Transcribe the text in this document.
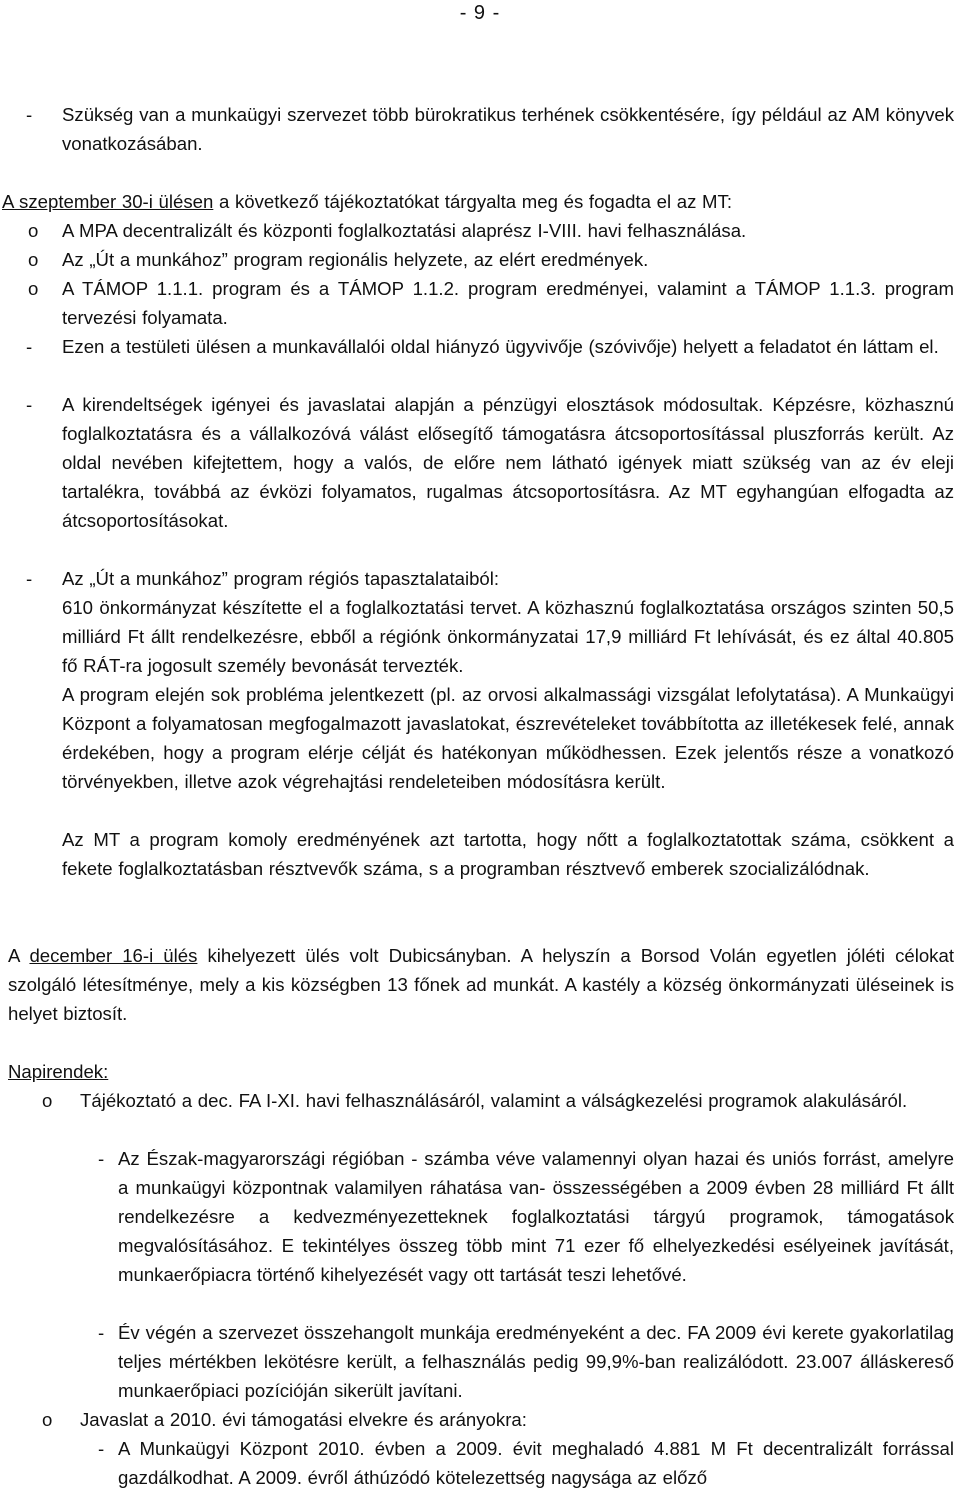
- 9 -
- Szükség van a munkaügyi szervezet több bürokratikus terhének csökkentésére, így például az AM könyvek vonatkozásában.
A szeptember 30-i ülésen a következő tájékoztatókat tárgyalta meg és fogadta el az MT:
o A MPA decentralizált és központi foglalkoztatási alaprész I-VIII. havi felhasználása.
o Az „Út a munkához” program regionális helyzete, az elért eredmények.
o A TÁMOP 1.1.1. program és a TÁMOP 1.1.2. program eredményei, valamint a TÁMOP 1.1.3. program tervezési folyamata.
- Ezen a testületi ülésen a munkavállalói oldal hiányzó ügyvivője (szóvivője) helyett a feladatot én láttam el.
- A kirendeltségek igényei és javaslatai alapján a pénzügyi elosztások módosultak. Képzésre, közhasznú foglalkoztatásra és a vállalkozóvá válást elősegítő támogatásra átcsoportosítással pluszforrás került. Az oldal nevében kifejtettem, hogy a valós, de előre nem látható igények miatt szükség van az év eleji tartalékra, továbbá az évközi folyamatos, rugalmas átcsoportosításra. Az MT egyhangúan elfogadta az átcsoportosításokat.
- Az „Út a munkához” program régiós tapasztalataiból:
610 önkormányzat készítette el a foglalkoztatási tervet. A közhasznú foglalkoztatása országos szinten 50,5 milliárd Ft állt rendelkezésre, ebből a régiónk önkormányzatai 17,9 milliárd Ft lehívását, és ez által 40.805 fő RÁT-ra jogosult személy bevonását tervezték.
A program elején sok probléma jelentkezett (pl. az orvosi alkalmassági vizsgálat lefolytatása). A Munkaügyi Központ a folyamatosan megfogalmazott javaslatokat, észrevételeket továbbította az illetékesek felé, annak érdekében, hogy a program elérje célját és hatékonyan működhessen. Ezek jelentős része a vonatkozó törvényekben, illetve azok végrehajtási rendeleteiben módosításra került.
Az MT a program komoly eredményének azt tartotta, hogy nőtt a foglalkoztatottak száma, csökkent a fekete foglalkoztatásban résztvevők száma, s a programban résztvevő emberek szocializálódnak.
A december 16-i ülés kihelyezett ülés volt Dubicsányban. A helyszín a Borsod Volán egyetlen jóléti célokat szolgáló létesítménye, mely a kis községben 13 főnek ad munkát. A kastély a község önkormányzati üléseinek is helyet biztosít.
Napirendek:
o Tájékoztató a dec. FA I-XI. havi felhasználásáról, valamint a válságkezelési programok alakulásáról.
- Az Észak-magyarországi régióban - számba véve valamennyi olyan hazai és uniós forrást, amelyre a munkaügyi központnak valamilyen ráhatása van- összességében a 2009 évben 28 milliárd Ft állt rendelkezésre a kedvezményezetteknek foglalkoztatási tárgyú programok, támogatások megvalósításához. E tekintélyes összeg több mint 71 ezer fő elhelyezkedési esélyeinek javítását, munkaerőpiacra történő kihelyezését vagy ott tartását teszi lehetővé.
- Év végén a szervezet összehangolt munkája eredményeként a dec. FA 2009 évi kerete gyakorlatilag teljes mértékben lekötésre került, a felhasználás pedig 99,9%-ban realizálódott. 23.007 álláskereső munkaerőpiaci pozícióján sikerült javítani.
o Javaslat a 2010. évi támogatási elvekre és arányokra:
- A Munkaügyi Központ 2010. évben a 2009. évit meghaladó 4.881 M Ft decentralizált forrással gazdálkodhat. A 2009. évről áthúzódó kötelezettség nagysága az előző
